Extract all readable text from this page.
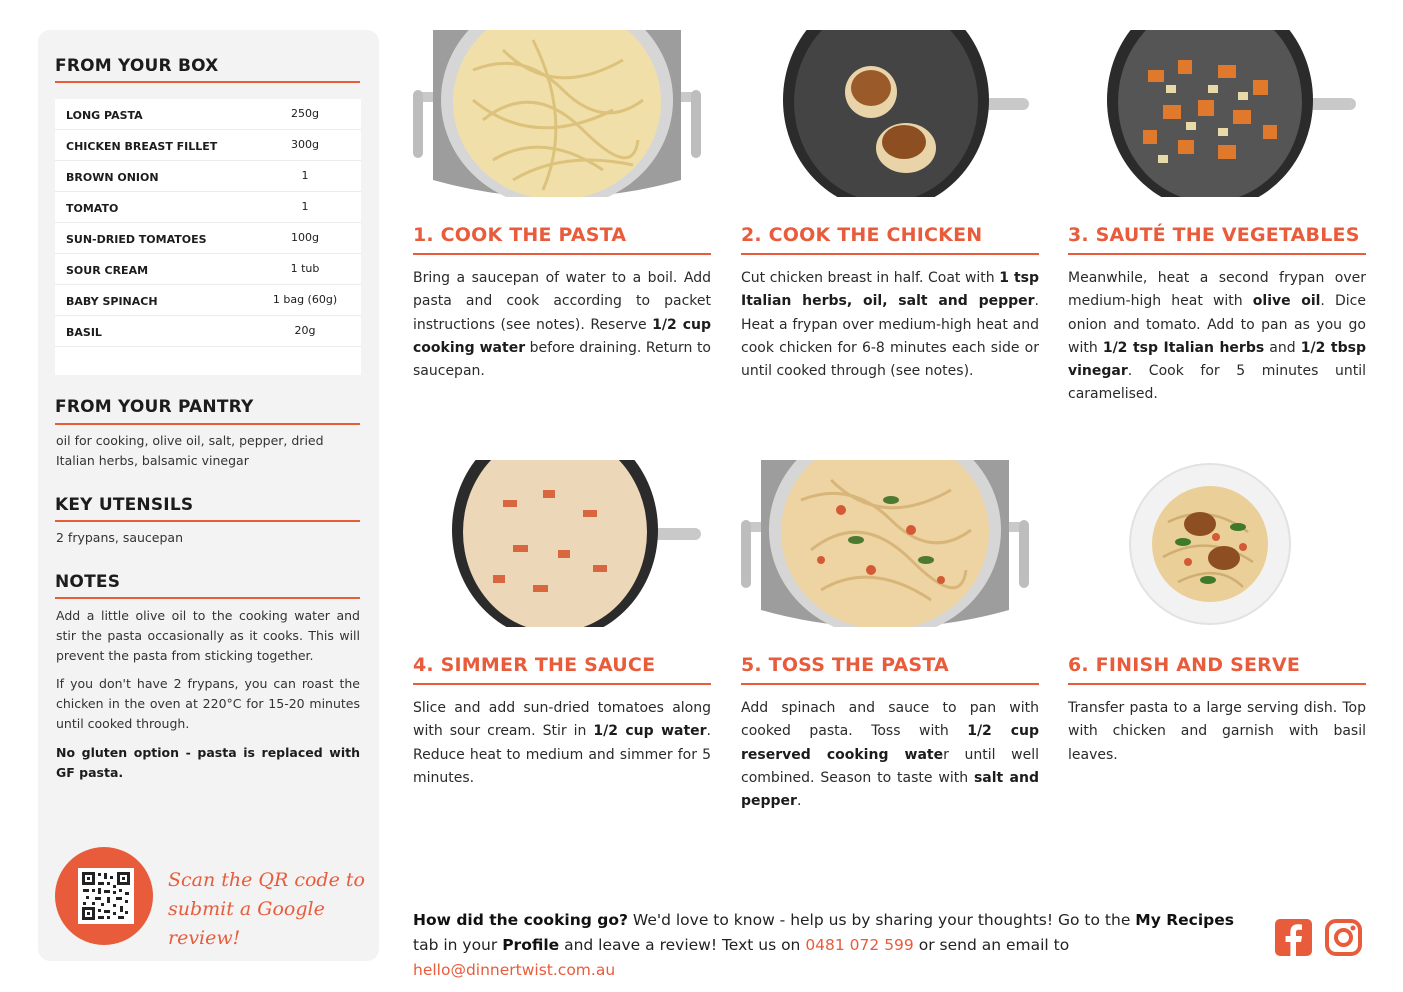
FROM YOUR BOX
LONG PASTA	250g
CHICKEN BREAST FILLET	300g
BROWN ONION	1
TOMATO	1
SUN-DRIED TOMATOES	100g
SOUR CREAM	1 tub
BABY SPINACH	1 bag (60g)
BASIL	20g
FROM YOUR PANTRY
oil for cooking, olive oil, salt, pepper, dried Italian herbs, balsamic vinegar
KEY UTENSILS
2 frypans, saucepan
NOTES
Add a little olive oil to the cooking water and stir the pasta occasionally as it cooks. This will prevent the pasta from sticking together.
If you don't have 2 frypans, you can roast the chicken in the oven at 220°C for 15-20 minutes until cooked through.
No gluten option - pasta is replaced with GF pasta.
Scan the QR code to
submit a Google review!
1. COOK THE PASTA
Bring a saucepan of water to a boil. Add pasta and cook according to packet instructions (see notes). Reserve 1/2 cup cooking water before draining. Return to saucepan.
2. COOK THE CHICKEN
Cut chicken breast in half. Coat with 1 tsp Italian herbs, oil, salt and pepper. Heat a frypan over medium-high heat and cook chicken for 6-8 minutes each side or until cooked through (see notes).
3. SAUTÉ THE VEGETABLES
Meanwhile, heat a second frypan over medium-high heat with olive oil. Dice onion and tomato. Add to pan as you go with 1/2 tsp Italian herbs and 1/2 tbsp vinegar. Cook for 5 minutes until caramelised.
4. SIMMER THE SAUCE
Slice and add sun-dried tomatoes along with sour cream. Stir in 1/2 cup water. Reduce heat to medium and simmer for 5 minutes.
5. TOSS THE PASTA
Add spinach and sauce to pan with cooked pasta. Toss with 1/2 cup reserved cooking water until well combined. Season to taste with salt and pepper.
6. FINISH AND SERVE
Transfer pasta to a large serving dish. Top with chicken and garnish with basil leaves.
How did the cooking go? We'd love to know - help us by sharing your thoughts! Go to the My Recipes tab in your Profile and leave a review! Text us on 0481 072 599 or send an email to hello@dinnertwist.com.au
